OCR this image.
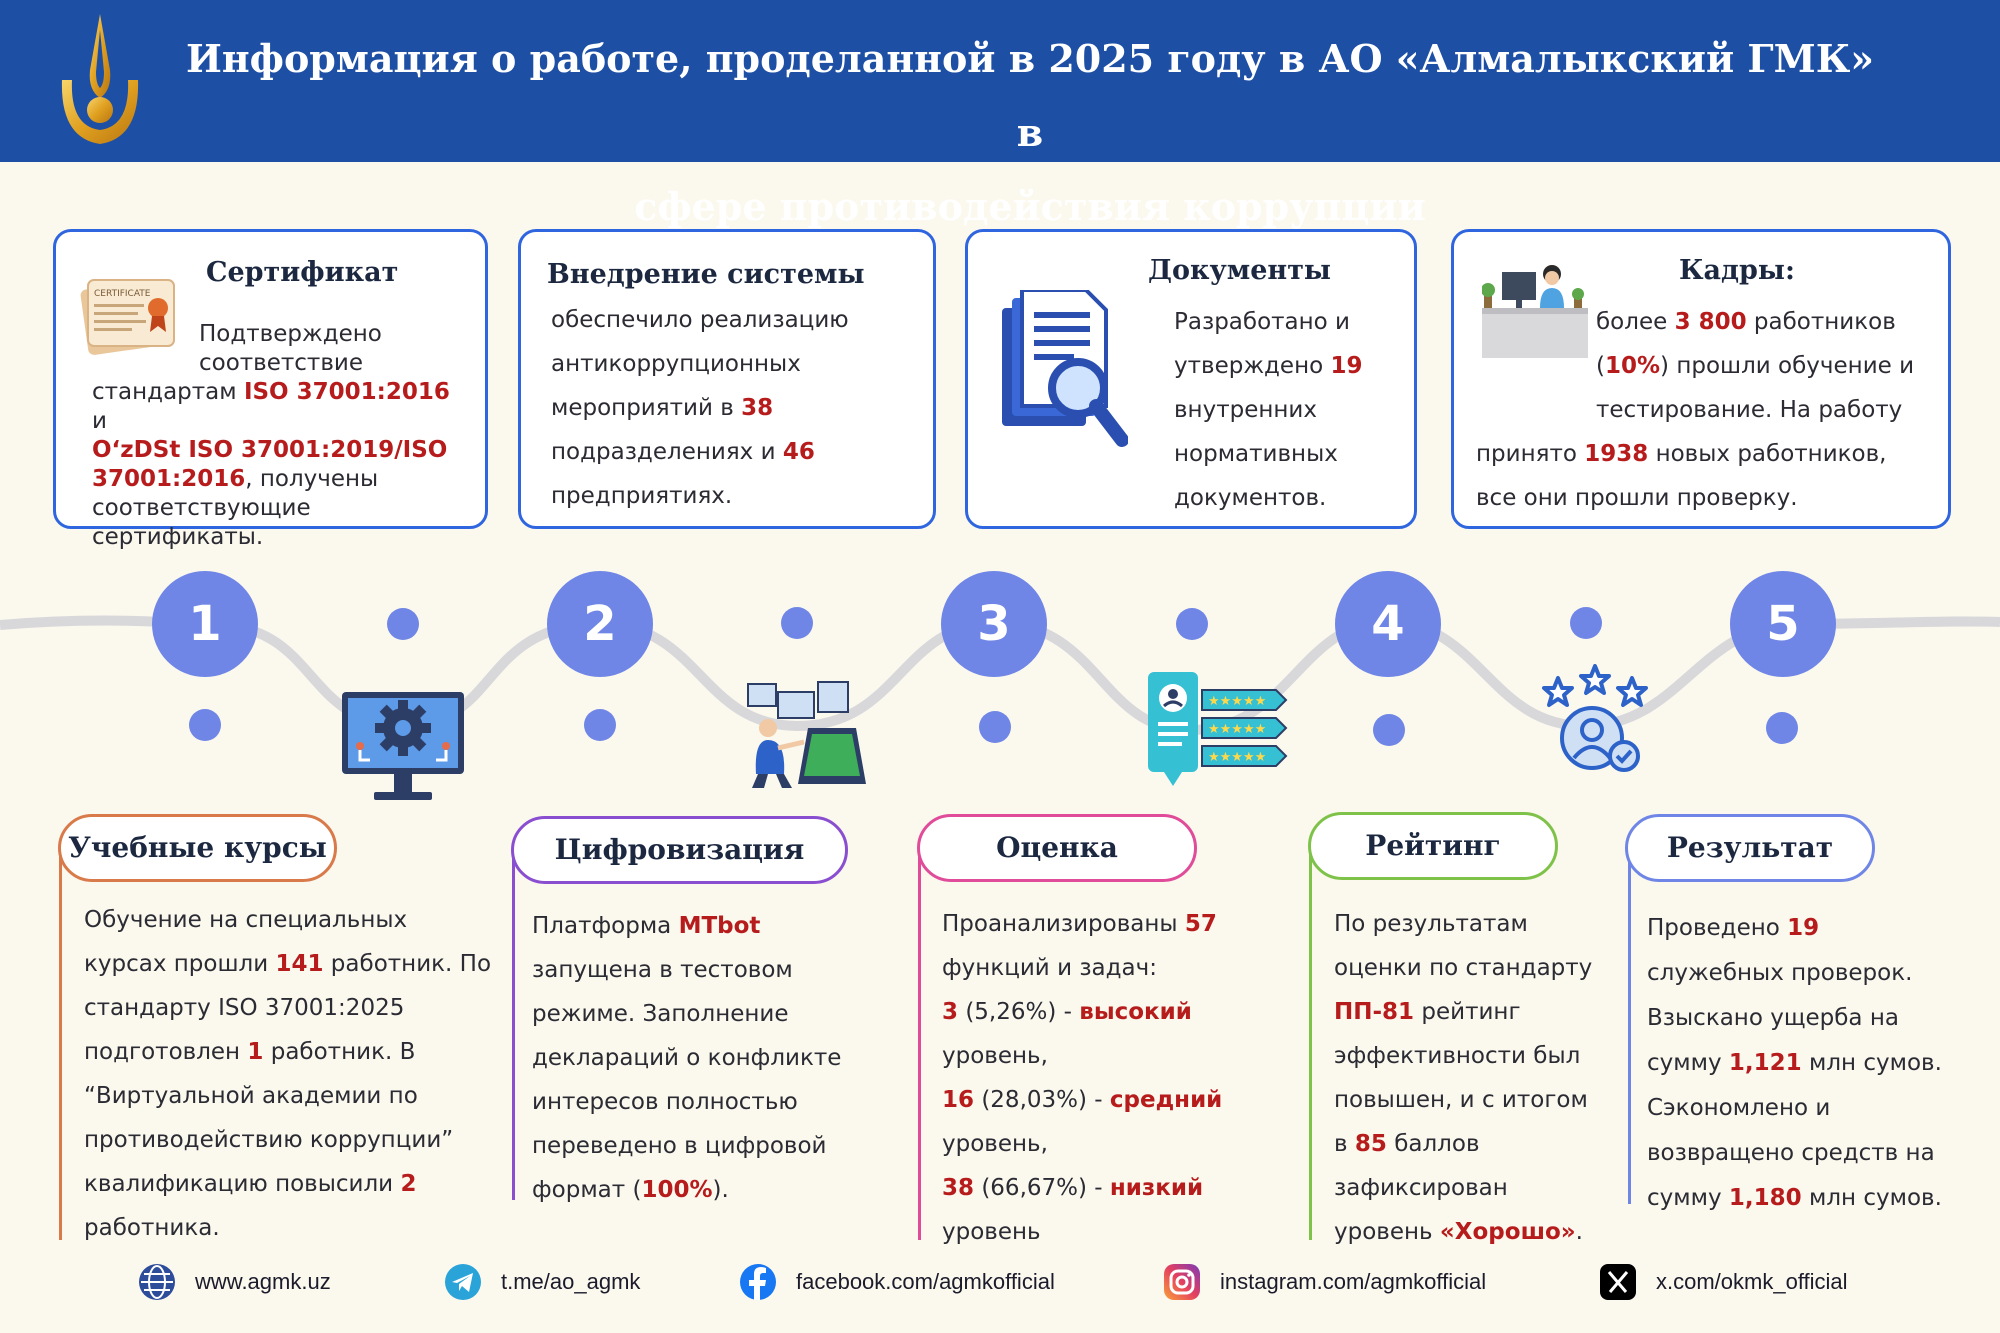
Информация о работе, проделанной в 2025 году в АО «Алмалыкский ГМК» в
сфере противодействия коррупции
CERTIFICATE
Сертификат
Подтверждено
соответствие
стандартам ISO 37001:2016 и
O‘zDSt ISO 37001:2019/ISO
37001:2016, получены
соответствующие
сертификаты.
Внедрение системы
обеспечило реализацию
антикоррупционных
мероприятий в 38
подразделениях и 46
предприятиях.
Документы
Разработано и
утверждено 19
внутренних
нормативных
документов.
Кадры:
более 3 800 работников
(10%) прошли обучение и
тестирование. На работу
принято 1938 новых работников,
все они прошли проверку.
1	2	3	4	5
★★★★★
★★★★★
★★★★★
Учебные курсы	Цифровизация	Оценка	Рейтинг	Результат
Обучение на специальных
курсах прошли 141 работник. По
стандарту ISO 37001:2025
подготовлен 1 работник. В
“Виртуальной академии по
противодействию коррупции”
квалификацию повысили 2
работника.
Платформа MTbot
запущена в тестовом
режиме. Заполнение
деклараций о конфликте
интересов полностью
переведено в цифровой
формат (100%).
Проанализированы 57
функций и задач:
3 (5,26%) - высокий
уровень,
16 (28,03%) - средний
уровень,
38 (66,67%) - низкий
уровень
По результатам
оценки по стандарту
ПП-81 рейтинг
эффективности был
повышен, и с итогом
в 85 баллов
зафиксирован
уровень «Хорошо».
Проведено 19
служебных проверок.
Взыскано ущерба на
сумму 1,121 млн сумов.
Сэкономлено и
возвращено средств на
сумму 1,180 млн сумов.
www.agmk.uz	t.me/ao_agmk	facebook.com/agmkofficial	instagram.com/agmkofficial	x.com/okmk_official
